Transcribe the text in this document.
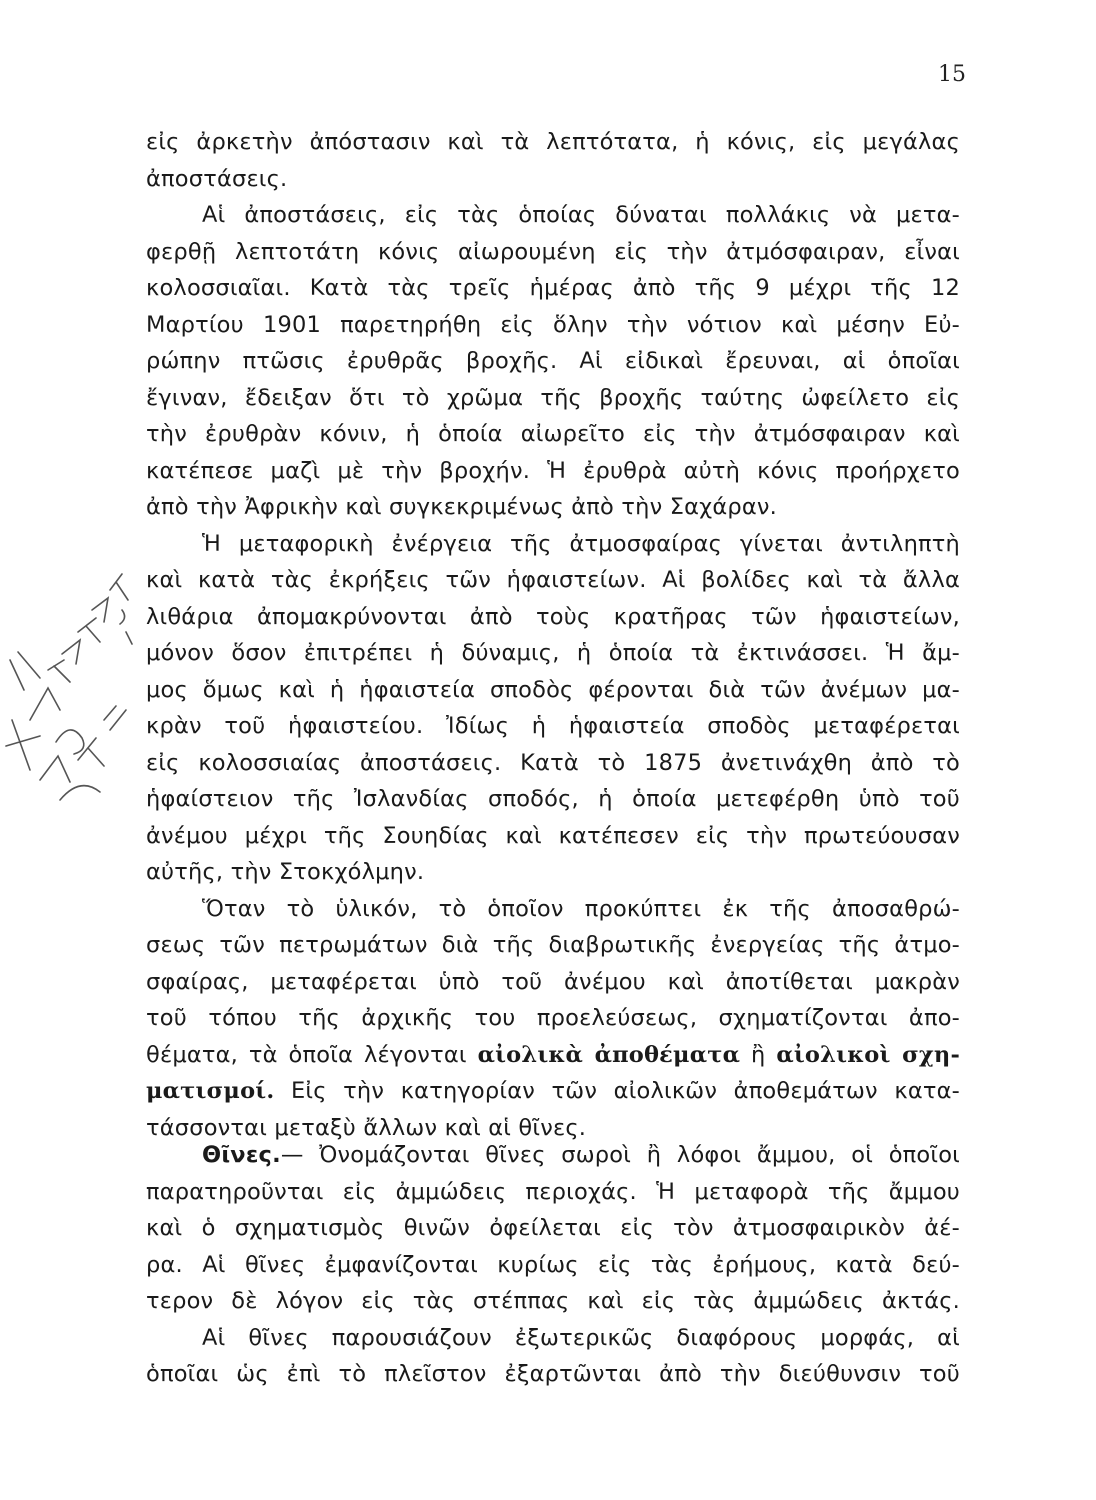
15
εἰς ἀρκετὴν ἀπόστασιν καὶ τὰ λεπτότατα, ἡ κόνις, εἰς μεγάλας
ἀποστάσεις.
Αἱ ἀποστάσεις, εἰς τὰς ὁποίας δύναται πολλάκις νὰ μετα-
φερθῇ λεπτοτάτη κόνις αἰωρουμένη εἰς τὴν ἀτμόσφαιραν, εἶναι
κολοσσιαῖαι. Κατὰ τὰς τρεῖς ἡμέρας ἀπὸ τῆς 9 μέχρι τῆς 12
Μαρτίου 1901 παρετηρήθη εἰς ὅλην τὴν νότιον καὶ μέσην Εὐ-
ρώπην πτῶσις ἐρυθρᾶς βροχῆς. Αἱ εἰδικαὶ ἔρευναι, αἱ ὁποῖαι
ἔγιναν, ἔδειξαν ὅτι τὸ χρῶμα τῆς βροχῆς ταύτης ὠφείλετο εἰς
τὴν ἐρυθρὰν κόνιν, ἡ ὁποία αἰωρεῖτο εἰς τὴν ἀτμόσφαιραν καὶ
κατέπεσε μαζὶ μὲ τὴν βροχήν. Ἡ ἐρυθρὰ αὐτὴ κόνις προήρχετο
ἀπὸ τὴν Ἀφρικὴν καὶ συγκεκριμένως ἀπὸ τὴν Σαχάραν.
Ἡ μεταφορικὴ ἐνέργεια τῆς ἀτμοσφαίρας γίνεται ἀντιληπτὴ
καὶ κατὰ τὰς ἐκρήξεις τῶν ἡφαιστείων. Αἱ βολίδες καὶ τὰ ἄλλα
λιθάρια ἀπομακρύνονται ἀπὸ τοὺς κρατῆρας τῶν ἡφαιστείων,
μόνον ὅσον ἐπιτρέπει ἡ δύναμις, ἡ ὁποία τὰ ἐκτινάσσει. Ἡ ἄμ-
μος ὅμως καὶ ἡ ἡφαιστεία σποδὸς φέρονται διὰ τῶν ἀνέμων μα-
κρὰν τοῦ ἡφαιστείου. Ἰδίως ἡ ἡφαιστεία σποδὸς μεταφέρεται
εἰς κολοσσιαίας ἀποστάσεις. Κατὰ τὸ 1875 ἀνετινάχθη ἀπὸ τὸ
ἡφαίστειον τῆς Ἰσλανδίας σποδός, ἡ ὁποία μετεφέρθη ὑπὸ τοῦ
ἀνέμου μέχρι τῆς Σουηδίας καὶ κατέπεσεν εἰς τὴν πρωτεύουσαν
αὐτῆς, τὴν Στοκχόλμην.
Ὅταν τὸ ὑλικόν, τὸ ὁποῖον προκύπτει ἐκ τῆς ἀποσαθρώ-
σεως τῶν πετρωμάτων διὰ τῆς διαβρωτικῆς ἐνεργείας τῆς ἀτμο-
σφαίρας, μεταφέρεται ὑπὸ τοῦ ἀνέμου καὶ ἀποτίθεται μακρὰν
τοῦ τόπου τῆς ἀρχικῆς του προελεύσεως, σχηματίζονται ἀπο-
θέματα, τὰ ὁποῖα λέγονται αἰολικὰ ἀποθέματα ἢ αἰολικοὶ σχη-
ματισμοί. Εἰς τὴν κατηγορίαν τῶν αἰολικῶν ἀποθεμάτων κατα-
τάσσονται μεταξὺ ἄλλων καὶ αἱ θῖνες.
Θῖνες.— Ὀνομάζονται θῖνες σωροὶ ἢ λόφοι ἄμμου, οἱ ὁποῖοι
παρατηροῦνται εἰς ἀμμώδεις περιοχάς. Ἡ μεταφορὰ τῆς ἄμμου
καὶ ὁ σχηματισμὸς θινῶν ὀφείλεται εἰς τὸν ἀτμοσφαιρικὸν ἀέ-
ρα. Αἱ θῖνες ἐμφανίζονται κυρίως εἰς τὰς ἐρήμους, κατὰ δεύ-
τερον δὲ λόγον εἰς τὰς στέππας καὶ εἰς τὰς ἀμμώδεις ἀκτάς.
Αἱ θῖνες παρουσιάζουν ἐξωτερικῶς διαφόρους μορφάς, αἱ
ὁποῖαι ὡς ἐπὶ τὸ πλεῖστον ἐξαρτῶνται ἀπὸ τὴν διεύθυνσιν τοῦ
